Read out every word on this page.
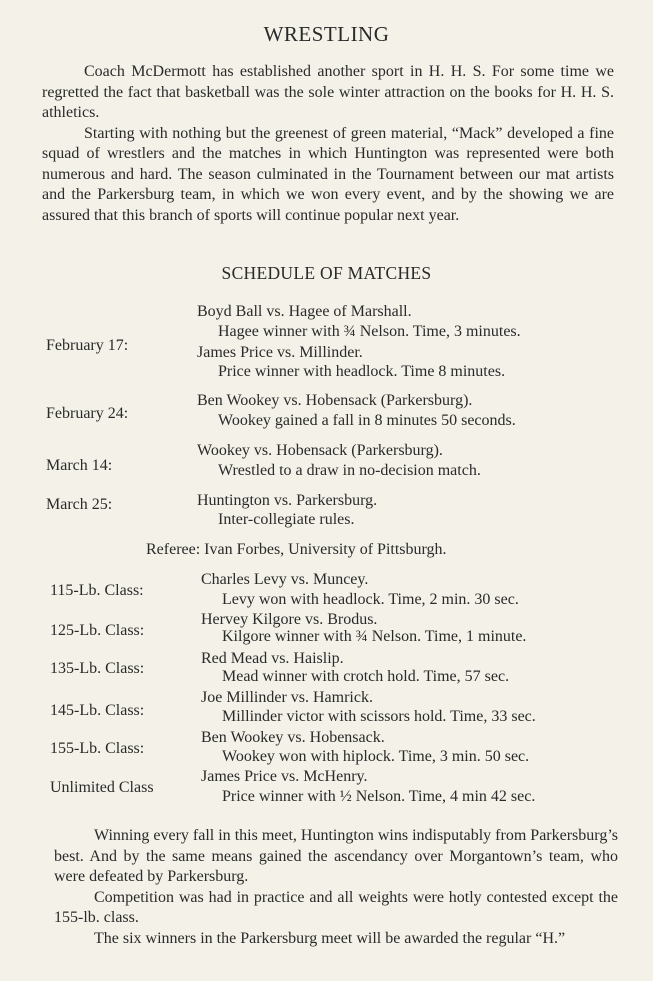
WRESTLING

Coach McDermott has established another sport in H. H. S. For some time we regretted the fact that basketball was the sole winter attraction on the books for H. H. S. athletics.

Starting with nothing but the greenest of green material, “Mack” developed a fine squad of wrestlers and the matches in which Huntington was represented were both numerous and hard. The season culminated in the Tournament between our mat artists and the Parkersburg team, in which we won every event, and by the showing we are assured that this branch of sports will continue popular next year.

SCHEDULE OF MATCHES
February 17:
Boyd Ball vs. Hagee of Marshall.
Hagee winner with ¾ Nelson. Time, 3 minutes.
James Price vs. Millinder.
Price winner with headlock. Time 8 minutes.
February 24:
Ben Wookey vs. Hobensack (Parkersburg).
Wookey gained a fall in 8 minutes 50 seconds.
March 14:
Wookey vs. Hobensack (Parkersburg).
Wrestled to a draw in no-decision match.
March 25:	Huntington vs. Parkersburg.
Inter-collegiate rules.
Referee: Ivan Forbes, University of Pittsburgh.
115-Lb. Class:
Charles Levy vs. Muncey.
Levy won with headlock. Time, 2 min. 30 sec.
125-Lb. Class:
Hervey Kilgore vs. Brodus.
Kilgore winner with ¾ Nelson. Time, 1 minute.
135-Lb. Class:
Red Mead vs. Haislip.
Mead winner with crotch hold. Time, 57 sec.
145-Lb. Class:
Joe Millinder vs. Hamrick.
Millinder victor with scissors hold. Time, 33 sec.
155-Lb. Class:
Ben Wookey vs. Hobensack.
Wookey won with hiplock. Time, 3 min. 50 sec.
Unlimited Class
James Price vs. McHenry.
Price winner with ½ Nelson. Time, 4 min 42 sec.

Winning every fall in this meet, Huntington wins indisputably from Parkersburg’s best. And by the same means gained the ascendancy over Morgantown’s team, who were defeated by Parkersburg.

Competition was had in practice and all weights were hotly contested except the 155-lb. class.

The six winners in the Parkersburg meet will be awarded the regular “H.”
